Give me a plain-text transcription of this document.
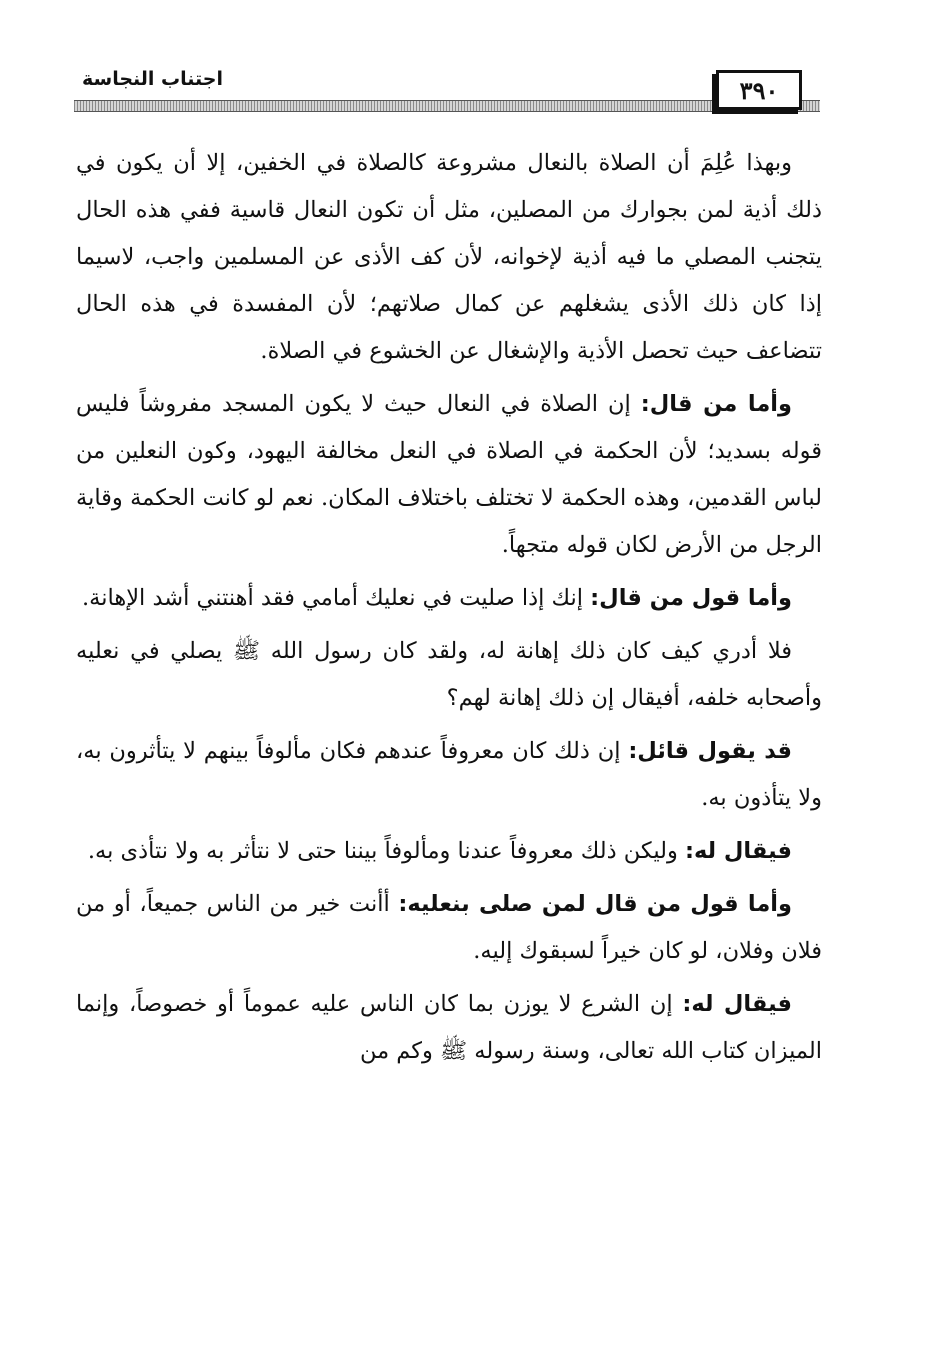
٣٩٠
اجتناب النجاسة

وبهذا عُلِمَ أن الصلاة بالنعال مشروعة كالصلاة في الخفين، إلا أن يكون في ذلك أذية لمن بجوارك من المصلين، مثل أن تكون النعال قاسية ففي هذه الحال يتجنب المصلي ما فيه أذية لإخوانه، لأن كف الأذى عن المسلمين واجب، لاسيما إذا كان ذلك الأذى يشغلهم عن كمال صلاتهم؛ لأن المفسدة في هذه الحال تتضاعف حيث تحصل الأذية والإشغال عن الخشوع في الصلاة.

وأما من قال: إن الصلاة في النعال حيث لا يكون المسجد مفروشاً فليس قوله بسديد؛ لأن الحكمة في الصلاة في النعل مخالفة اليهود، وكون النعلين من لباس القدمين، وهذه الحكمة لا تختلف باختلاف المكان. نعم لو كانت الحكمة وقاية الرجل من الأرض لكان قوله متجهاً.

وأما قول من قال: إنك إذا صليت في نعليك أمامي فقد أهنتني أشد الإهانة.

فلا أدري كيف كان ذلك إهانة له، ولقد كان رسول الله ﷺ يصلي في نعليه وأصحابه خلفه، أفيقال إن ذلك إهانة لهم؟

قد يقول قائل: إن ذلك كان معروفاً عندهم فكان مألوفاً بينهم لا يتأثرون به، ولا يتأذون به.

فيقال له: وليكن ذلك معروفاً عندنا ومألوفاً بيننا حتى لا نتأثر به ولا نتأذى به.

وأما قول من قال لمن صلى بنعليه: أأنت خير من الناس جميعاً، أو من فلان وفلان، لو كان خيراً لسبقوك إليه.

فيقال له: إن الشرع لا يوزن بما كان الناس عليه عموماً أو خصوصاً، وإنما الميزان كتاب الله تعالى، وسنة رسوله ﷺ وكم من
